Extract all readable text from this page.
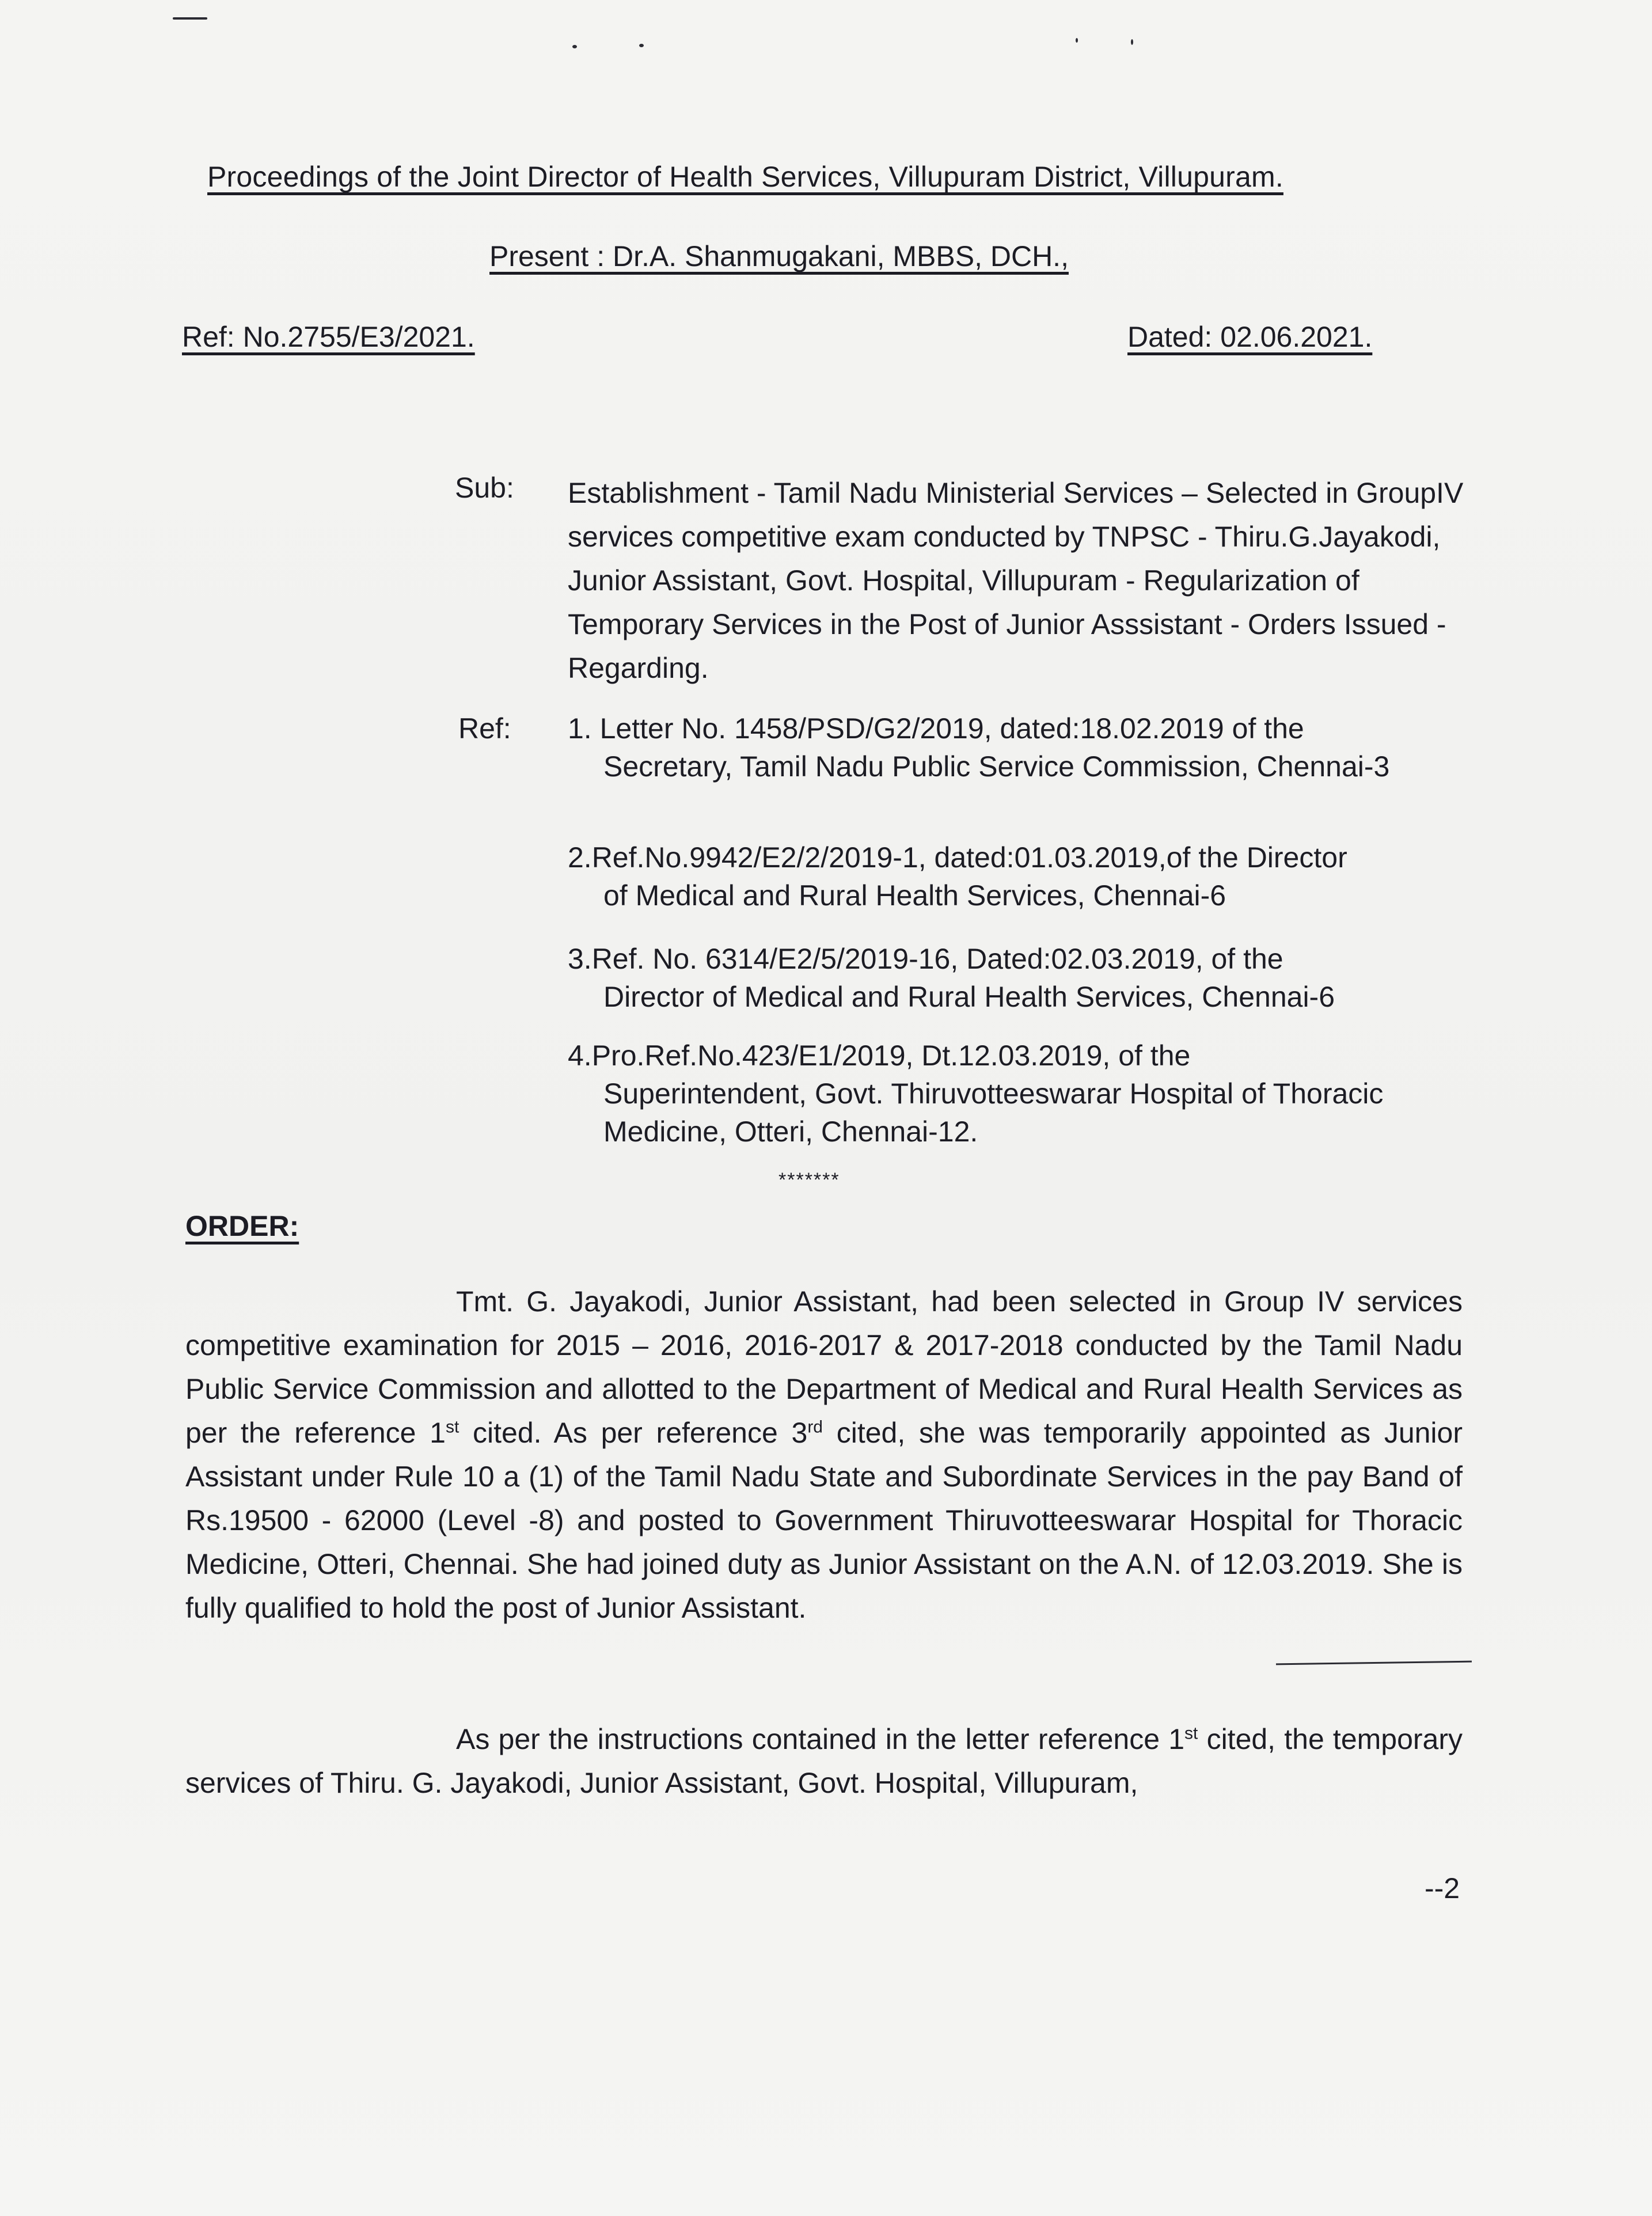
Proceedings of the Joint Director of Health Services, Villupuram District, Villupuram.
Present : Dr.A. Shanmugakani, MBBS, DCH.,
Ref: No.2755/E3/2021.	Dated: 02.06.2021.
Sub: Establishment - Tamil Nadu Ministerial Services – Selected in GroupIV services competitive exam conducted by TNPSC - Thiru.G.Jayakodi, Junior Assistant, Govt. Hospital, Villupuram - Regularization of Temporary Services in the Post of Junior Asssistant - Orders Issued - Regarding.
Ref: 1. Letter No. 1458/PSD/G2/2019, dated:18.02.2019 of the
Secretary, Tamil Nadu Public Service Commission, Chennai-3
2.Ref.No.9942/E2/2/2019-1, dated:01.03.2019,of the Director
of Medical and Rural Health Services, Chennai-6
3.Ref. No. 6314/E2/5/2019-16, Dated:02.03.2019, of the
Director of Medical and Rural Health Services, Chennai-6
4.Pro.Ref.No.423/E1/2019, Dt.12.03.2019, of the
Superintendent, Govt. Thiruvotteeswarar Hospital of Thoracic Medicine, Otteri, Chennai-12.
*******
ORDER:
Tmt. G. Jayakodi, Junior Assistant, had been selected in Group IV services competitive examination for 2015 – 2016, 2016-2017 & 2017-2018 conducted by the Tamil Nadu Public Service Commission and allotted to the Department of Medical and Rural Health Services as per the reference 1st cited. As per reference 3rd cited, she was temporarily appointed as Junior Assistant under Rule 10 a (1) of the Tamil Nadu State and Subordinate Services in the pay Band of Rs.19500 - 62000 (Level -8) and posted to Government Thiruvotteeswarar Hospital for Thoracic Medicine, Otteri, Chennai. She had joined duty as Junior Assistant on the A.N. of 12.03.2019. She is fully qualified to hold the post of Junior Assistant.
As per the instructions contained in the letter reference 1st cited, the temporary services of Thiru. G. Jayakodi, Junior Assistant, Govt. Hospital, Villupuram,
--2
